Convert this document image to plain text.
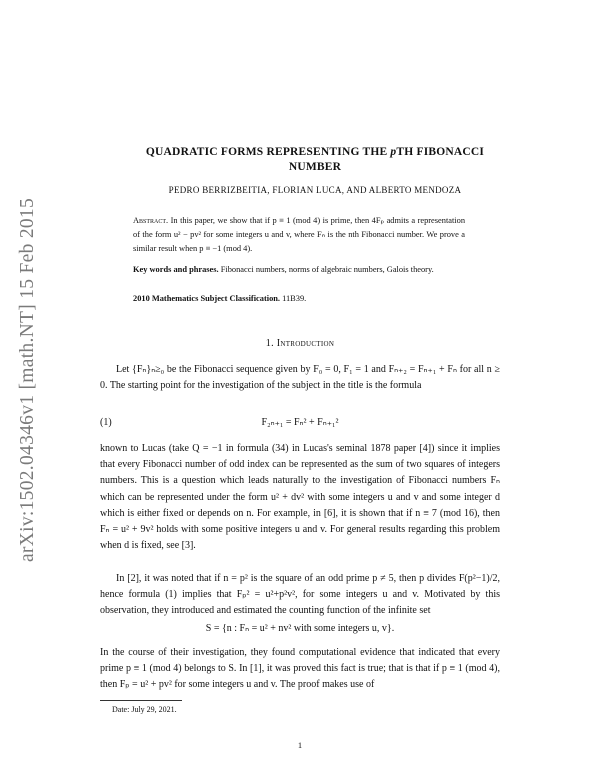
arXiv:1502.04346v1 [math.NT] 15 Feb 2015
QUADRATIC FORMS REPRESENTING THE pTH FIBONACCI
NUMBER
PEDRO BERRIZBEITIA, FLORIAN LUCA, AND ALBERTO MENDOZA
Abstract. In this paper, we show that if p ≡ 1 (mod 4) is prime, then 4Fₚ admits a representation of the form u² − pv² for some integers u and v, where Fₙ is the nth Fibonacci number. We prove a similar result when p ≡ −1 (mod 4).
Key words and phrases. Fibonacci numbers, norms of algebraic numbers, Galois theory.
2010 Mathematics Subject Classification. 11B39.
1. Introduction
Let {Fₙ}ₙ≥₀ be the Fibonacci sequence given by F₀ = 0, F₁ = 1 and Fₙ₊₂ = Fₙ₊₁ + Fₙ for all n ≥ 0. The starting point for the investigation of the subject in the title is the formula
(1)	F₂ₙ₊₁ = Fₙ² + Fₙ₊₁²
known to Lucas (take Q = −1 in formula (34) in Lucas's seminal 1878 paper [4]) since it implies that every Fibonacci number of odd index can be represented as the sum of two squares of integers numbers. This is a question which leads naturally to the investigation of Fibonacci numbers Fₙ which can be represented under the form u² + dv² with some integers u and v and some integer d which is either fixed or depends on n. For example, in [6], it is shown that if n ≡ 7 (mod 16), then Fₙ = u² + 9v² holds with some positive integers u and v. For general results regarding this problem when d is fixed, see [3].
In [2], it was noted that if n = p² is the square of an odd prime p ≠ 5, then p divides F(p²−1)/2, hence formula (1) implies that Fₚ² = u²+p²v², for some integers u and v. Motivated by this observation, they introduced and estimated the counting function of the infinite set
S = {n : Fₙ = u² + nv² with some integers u, v}.
In the course of their investigation, they found computational evidence that indicated that every prime p ≡ 1 (mod 4) belongs to S. In [1], it was proved this fact is true; that is that if p ≡ 1 (mod 4), then Fₚ = u² + pv² for some integers u and v. The proof makes use of
Date: July 29, 2021.
1
